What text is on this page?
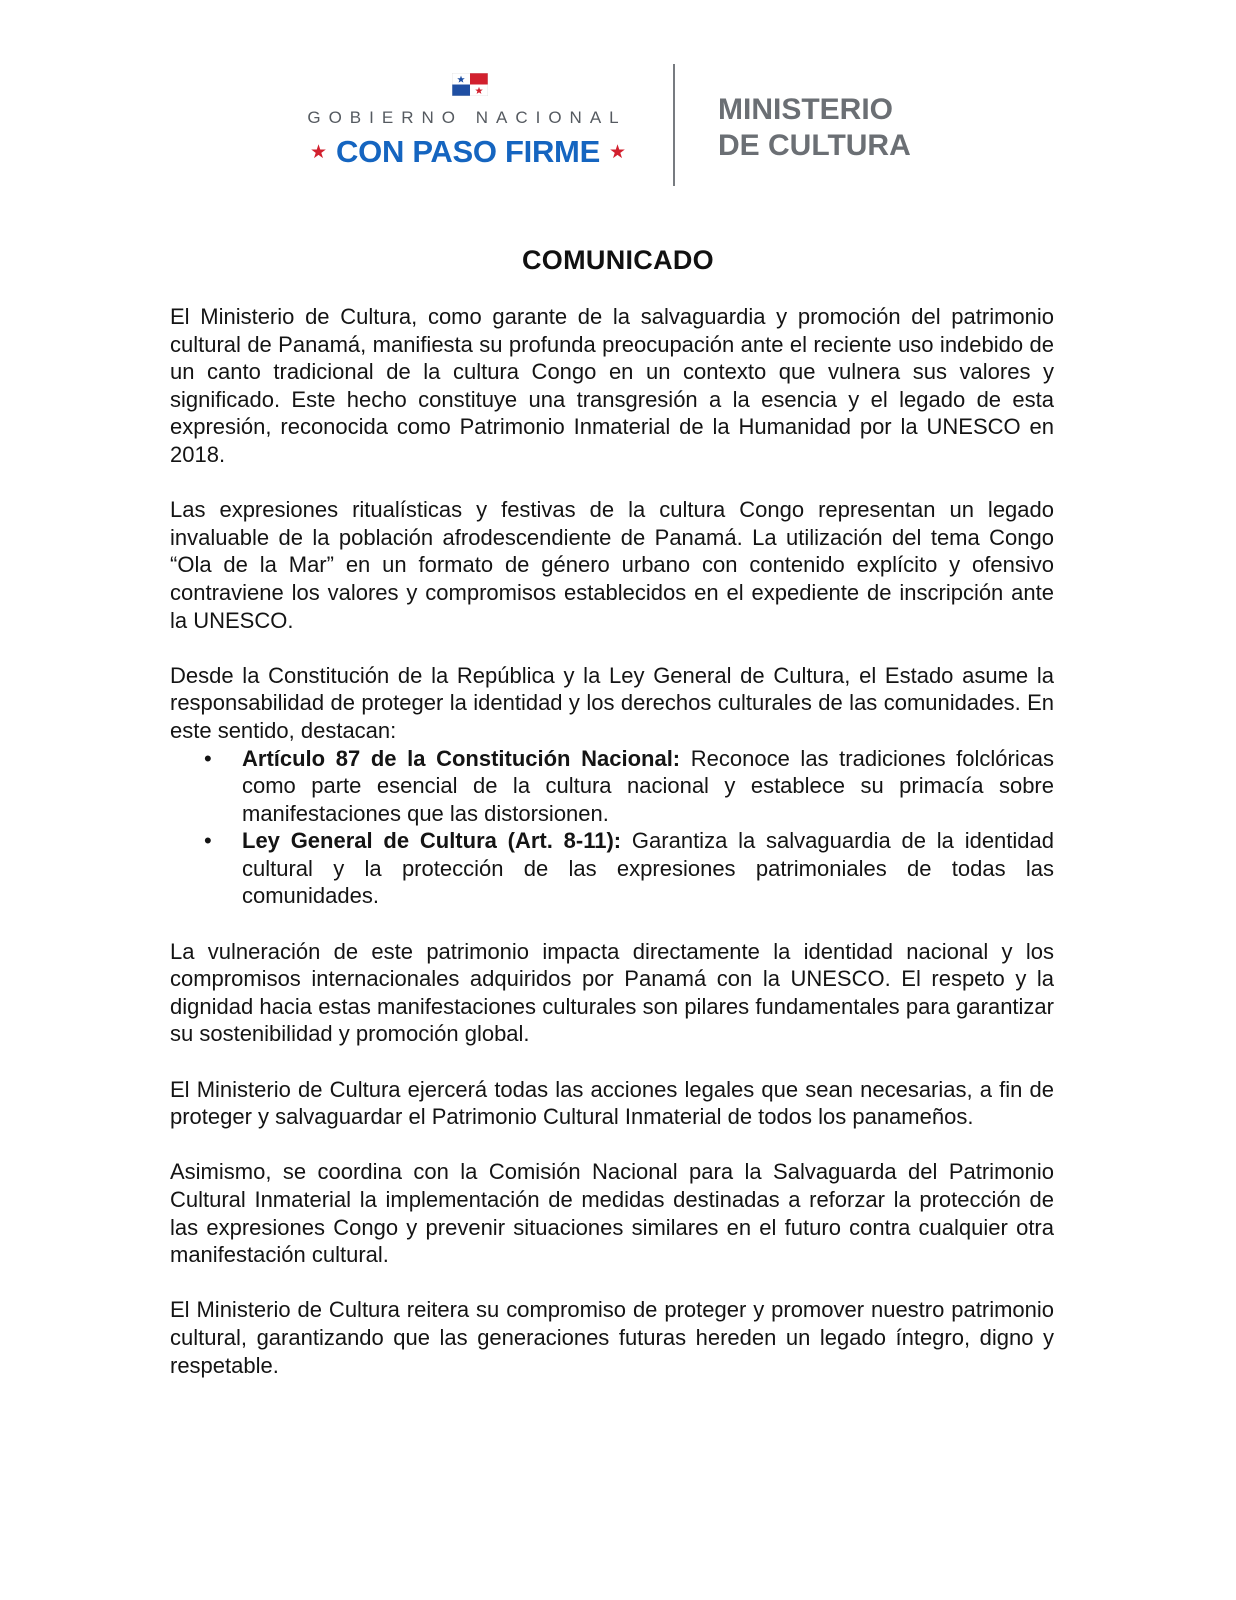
GOBIERNO NACIONAL
★ CON PASO FIRME ★
MINISTERIO
DE CULTURA
COMUNICADO

El Ministerio de Cultura, como garante de la salvaguardia y promoción del patrimonio cultural de Panamá, manifiesta su profunda preocupación ante el reciente uso indebido de un canto tradicional de la cultura Congo en un contexto que vulnera sus valores y significado. Este hecho constituye una transgresión a la esencia y el legado de esta expresión, reconocida como Patrimonio Inmaterial de la Humanidad por la UNESCO en 2018.

Las expresiones ritualísticas y festivas de la cultura Congo representan un legado invaluable de la población afrodescendiente de Panamá. La utilización del tema Congo “Ola de la Mar” en un formato de género urbano con contenido explícito y ofensivo contraviene los valores y compromisos establecidos en el expediente de inscripción ante la UNESCO.

Desde la Constitución de la República y la Ley General de Cultura, el Estado asume la responsabilidad de proteger la identidad y los derechos culturales de las comunidades. En este sentido, destacan:

• Artículo 87 de la Constitución Nacional: Reconoce las tradiciones folclóricas como parte esencial de la cultura nacional y establece su primacía sobre manifestaciones que las distorsionen.
• Ley General de Cultura (Art. 8-11): Garantiza la salvaguardia de la identidad cultural y la protección de las expresiones patrimoniales de todas las comunidades.

La vulneración de este patrimonio impacta directamente la identidad nacional y los compromisos internacionales adquiridos por Panamá con la UNESCO. El respeto y la dignidad hacia estas manifestaciones culturales son pilares fundamentales para garantizar su sostenibilidad y promoción global.

El Ministerio de Cultura ejercerá todas las acciones legales que sean necesarias, a fin de proteger y salvaguardar el Patrimonio Cultural Inmaterial de todos los panameños.

Asimismo, se coordina con la Comisión Nacional para la Salvaguarda del Patrimonio Cultural Inmaterial la implementación de medidas destinadas a reforzar la protección de las expresiones Congo y prevenir situaciones similares en el futuro contra cualquier otra manifestación cultural.

El Ministerio de Cultura reitera su compromiso de proteger y promover nuestro patrimonio cultural, garantizando que las generaciones futuras hereden un legado íntegro, digno y respetable.
